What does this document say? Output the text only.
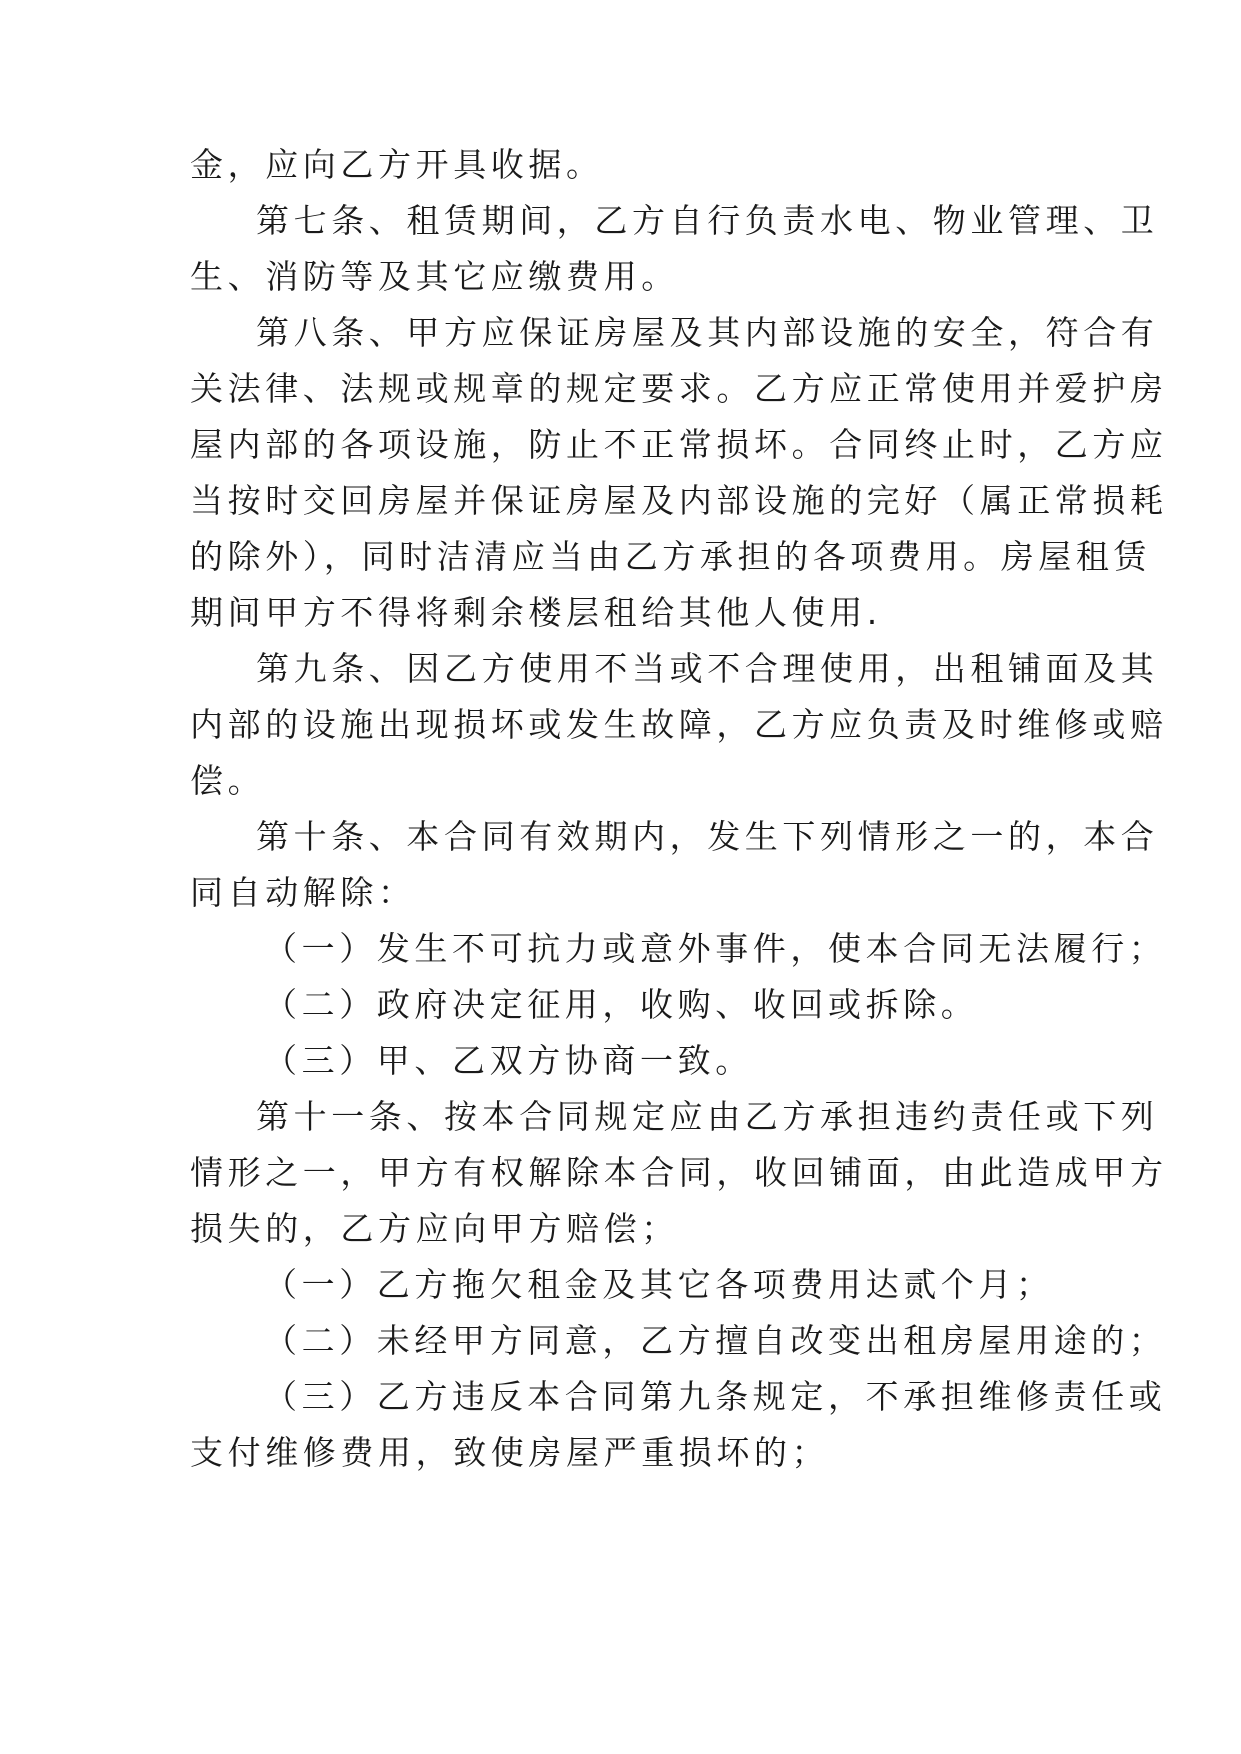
金，应向乙方开具收据。
第七条、租赁期间，乙方自行负责水电、物业管理、卫
生、消防等及其它应缴费用。
第八条、甲方应保证房屋及其内部设施的安全，符合有
关法律、法规或规章的规定要求。乙方应正常使用并爱护房
屋内部的各项设施，防止不正常损坏。合同终止时，乙方应
当按时交回房屋并保证房屋及内部设施的完好（属正常损耗
的除外），同时洁清应当由乙方承担的各项费用。房屋租赁
期间甲方不得将剩余楼层租给其他人使用.
第九条、因乙方使用不当或不合理使用，出租铺面及其
内部的设施出现损坏或发生故障，乙方应负责及时维修或赔
偿。
第十条、本合同有效期内，发生下列情形之一的，本合
同自动解除：
（一）发生不可抗力或意外事件，使本合同无法履行；
（二）政府决定征用，收购、收回或拆除。
（三）甲、乙双方协商一致。
第十一条、按本合同规定应由乙方承担违约责任或下列
情形之一，甲方有权解除本合同，收回铺面，由此造成甲方
损失的，乙方应向甲方赔偿；
（一）乙方拖欠租金及其它各项费用达贰个月；
（二）未经甲方同意，乙方擅自改变出租房屋用途的；
（三）乙方违反本合同第九条规定，不承担维修责任或
支付维修费用，致使房屋严重损坏的；
